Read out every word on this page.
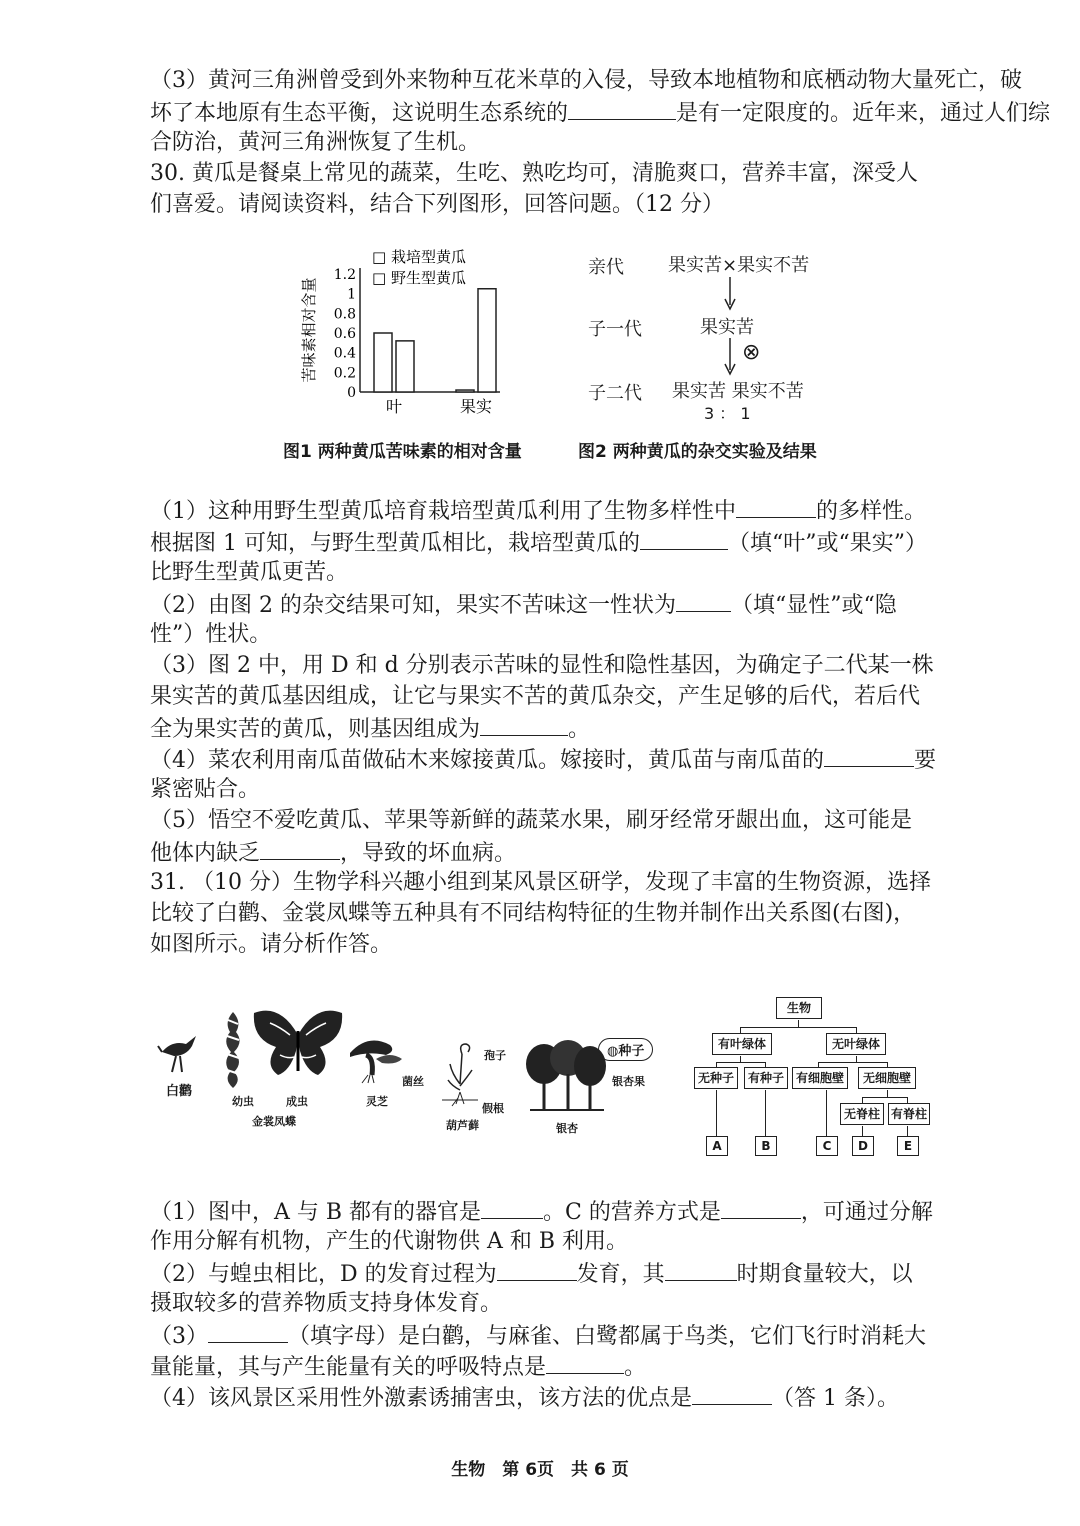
（3）黄河三角洲曾受到外来物种互花米草的入侵，导致本地植物和底栖动物大量死亡，破
坏了本地原有生态平衡，这说明生态系统的	是有一定限度的。近年来，通过人们综
合防治，黄河三角洲恢复了生机。
30. 黄瓜是餐桌上常见的蔬菜，生吃、熟吃均可，清脆爽口，营养丰富，深受人
们喜爱。请阅读资料，结合下列图形，回答问题。（12 分）
□ 栽培型黄瓜
□ 野生型黄瓜
苦味素相对含量
0
0.2
0.4
0.6
0.8
1
1.2
叶	果实
图1 两种黄瓜苦味素的相对含量
亲代 果实苦×果实不苦
子一代	果实苦
⊗
子二代 果实苦 果实不苦
3 ： 1
图2 两种黄瓜的杂交实验及结果
（1）这种用野生型黄瓜培育栽培型黄瓜利用了生物多样性中	的多样性。
根据图 1 可知，与野生型黄瓜相比，栽培型黄瓜的	（填“叶”或“果实”）
比野生型黄瓜更苦。
（2）由图 2 的杂交结果可知，果实不苦味这一性状为	（填“显性”或“隐
性”）性状。
（3）图 2 中，用 D 和 d 分别表示苦味的显性和隐性基因，为确定子二代某一株
果实苦的黄瓜基因组成，让它与果实不苦的黄瓜杂交，产生足够的后代，若后代
全为果实苦的黄瓜，则基因组成为	。
（4）菜农利用南瓜苗做砧木来嫁接黄瓜。嫁接时，黄瓜苗与南瓜苗的	要
紧密贴合。
（5）悟空不爱吃黄瓜、苹果等新鲜的蔬菜水果，刷牙经常牙龈出血，这可能是
他体内缺乏	，导致的坏血病。
31. （10 分）生物学科兴趣小组到某风景区研学，发现了丰富的生物资源，选择
比较了白鹳、金裳凤蝶等五种具有不同结构特征的生物并制作出关系图(右图)，
如图所示。请分析作答。
白鹳
幼虫	成虫
金裳凤蝶
菌丝
灵芝
孢子
假根
葫芦藓	银杏
◍种子
银杏果
生物
有叶绿体	无叶绿体
无种子	有种子 有细胞壁	无细胞壁
无脊柱 有脊柱
A	B	C	D	E
（1）图中，A 与 B 都有的器官是	。C 的营养方式是	，可通过分解
作用分解有机物，产生的代谢物供 A 和 B 利用。
（2）与蝗虫相比，D 的发育过程为	发育，其	时期食量较大，以
摄取较多的营养物质支持身体发育。
（3）	（填字母）是白鹳，与麻雀、白鹭都属于鸟类，它们飞行时消耗大
量能量，其与产生能量有关的呼吸特点是	。
（4）该风景区采用性外激素诱捕害虫，该方法的优点是	（答 1 条）。
生物　第 6页　共 6 页
